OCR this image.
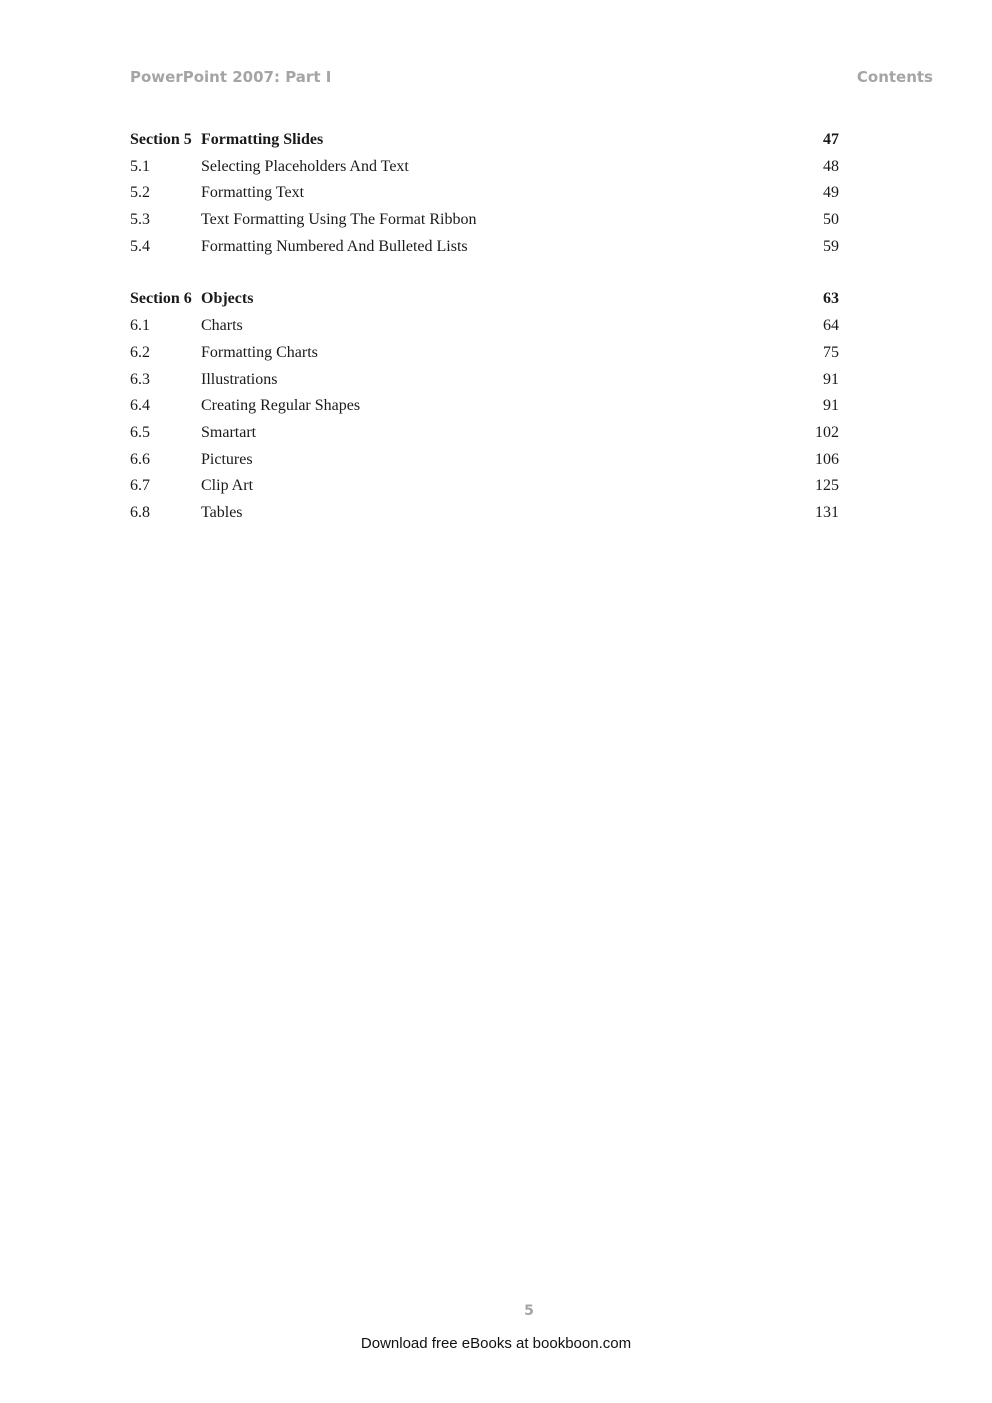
PowerPoint 2007: Part I	Contents
Section 5 Formatting Slides	47
5.1	Selecting Placeholders And Text	48
5.2	Formatting Text	49
5.3	Text Formatting Using The Format Ribbon	50
5.4	Formatting Numbered And Bulleted Lists	59
Section 6 Objects	63
6.1	Charts	64
6.2	Formatting Charts	75
6.3	Illustrations	91
6.4	Creating Regular Shapes	91
6.5	Smartart	102
6.6	Pictures	106
6.7	Clip Art	125
6.8	Tables	131
5
Download free eBooks at bookboon.com
